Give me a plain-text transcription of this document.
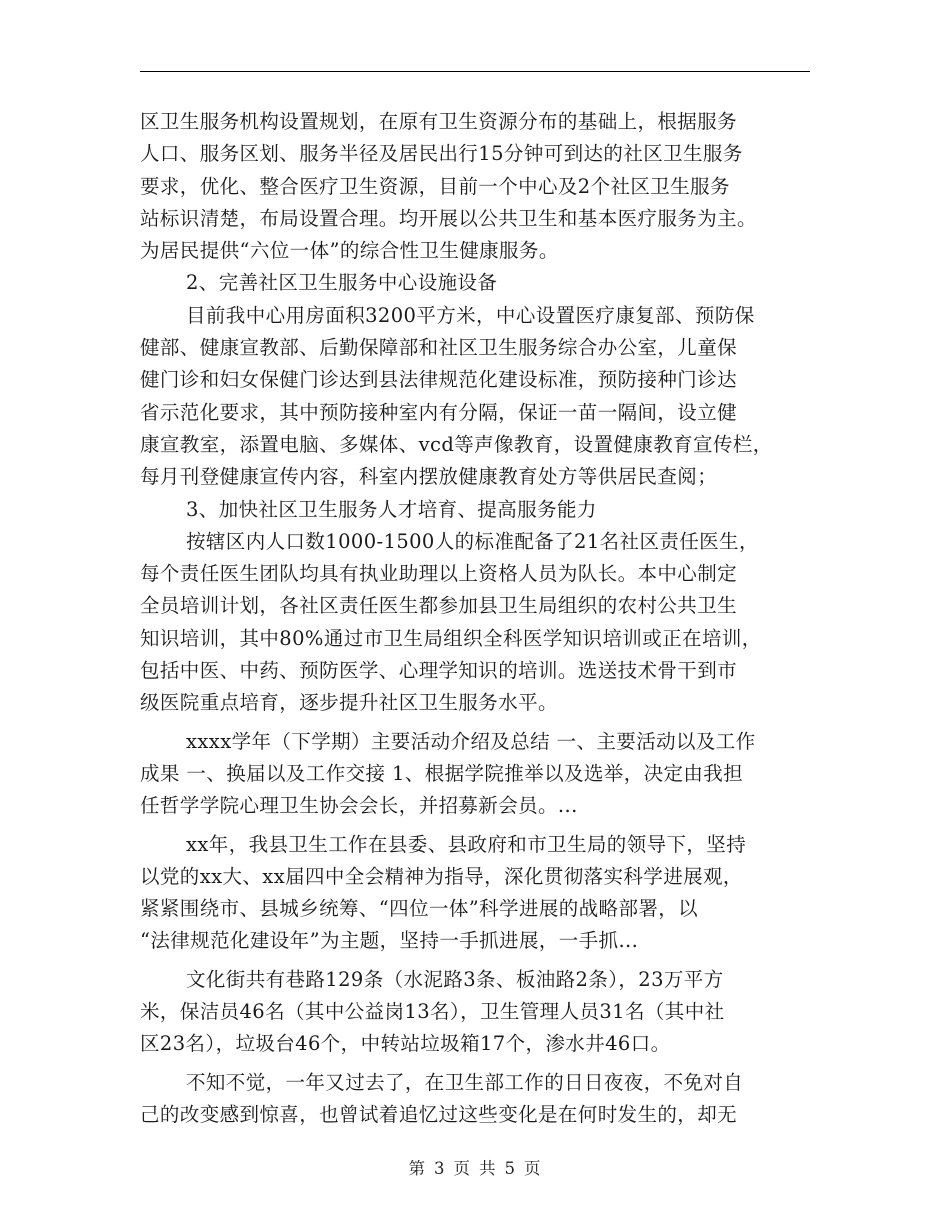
区卫生服务机构设置规划，在原有卫生资源分布的基础上，根据服务
人口、服务区划、服务半径及居民出行15分钟可到达的社区卫生服务
要求，优化、整合医疗卫生资源，目前一个中心及2个社区卫生服务
站标识清楚，布局设置合理。均开展以公共卫生和基本医疗服务为主。
为居民提供“六位一体”的综合性卫生健康服务。
2、完善社区卫生服务中心设施设备
目前我中心用房面积3200平方米，中心设置医疗康复部、预防保
健部、健康宣教部、后勤保障部和社区卫生服务综合办公室，儿童保
健门诊和妇女保健门诊达到县法律规范化建设标准，预防接种门诊达
省示范化要求，其中预防接种室内有分隔，保证一苗一隔间，设立健
康宣教室，添置电脑、多媒体、vcd等声像教育，设置健康教育宣传栏，
每月刊登健康宣传内容，科室内摆放健康教育处方等供居民查阅；
3、加快社区卫生服务人才培育、提高服务能力
按辖区内人口数1000-1500人的标准配备了21名社区责任医生，
每个责任医生团队均具有执业助理以上资格人员为队长。本中心制定
全员培训计划，各社区责任医生都参加县卫生局组织的农村公共卫生
知识培训，其中80%通过市卫生局组织全科医学知识培训或正在培训，
包括中医、中药、预防医学、心理学知识的培训。选送技术骨干到市
级医院重点培育，逐步提升社区卫生服务水平。
xxxx学年（下学期）主要活动介绍及总结 一、主要活动以及工作
成果 一、换届以及工作交接 1、根据学院推举以及选举，决定由我担
任哲学学院心理卫生协会会长，并招募新会员。...
xx年，我县卫生工作在县委、县政府和市卫生局的领导下，坚持
以党的xx大、xx届四中全会精神为指导，深化贯彻落实科学进展观，
紧紧围绕市、县城乡统筹、“四位一体”科学进展的战略部署，以
“法律规范化建设年”为主题，坚持一手抓进展，一手抓...
文化街共有巷路129条（水泥路3条、板油路2条），23万平方
米，保洁员46名（其中公益岗13名），卫生管理人员31名（其中社
区23名），垃圾台46个，中转站垃圾箱17个，渗水井46口。
不知不觉，一年又过去了，在卫生部工作的日日夜夜，不免对自
己的改变感到惊喜，也曾试着追忆过这些变化是在何时发生的，却无
第 3 页 共 5 页
